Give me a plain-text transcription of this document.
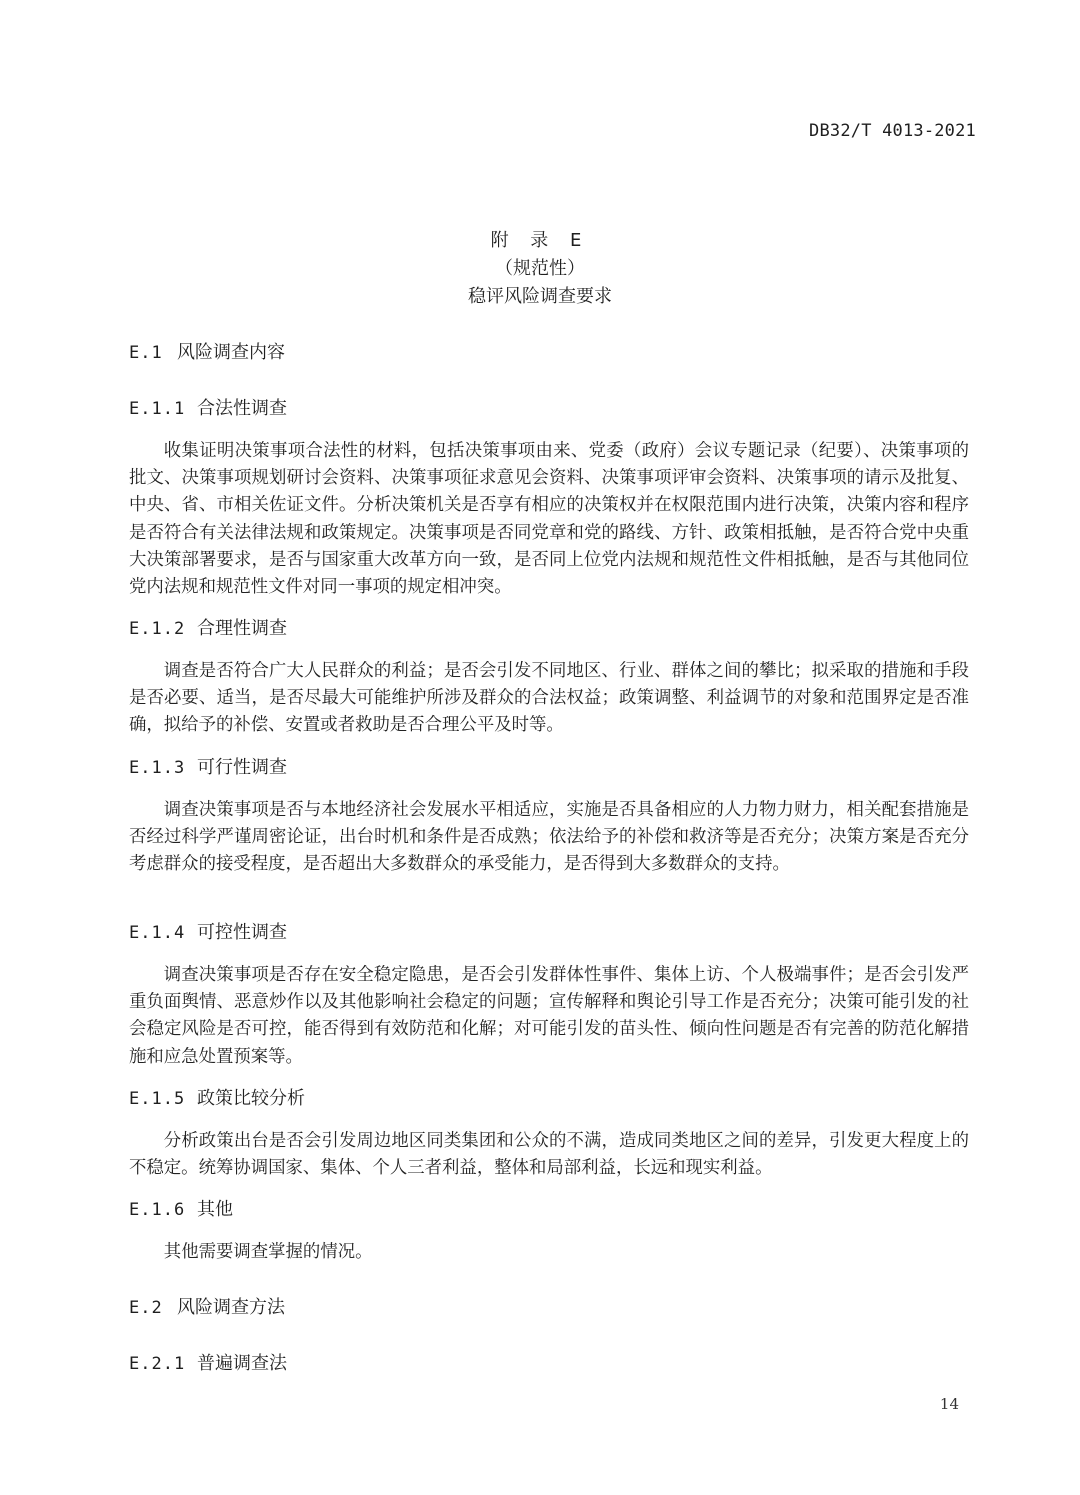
DB32/T 4013-2021
附 录 E
（规范性）
稳评风险调查要求
E.1 风险调查内容
E.1.1 合法性调查

收集证明决策事项合法性的材料，包括决策事项由来、党委（政府）会议专题记录（纪要）、决策事项的批文、决策事项规划研讨会资料、决策事项征求意见会资料、决策事项评审会资料、决策事项的请示及批复、中央、省、市相关佐证文件。分析决策机关是否享有相应的决策权并在权限范围内进行决策，决策内容和程序是否符合有关法律法规和政策规定。决策事项是否同党章和党的路线、方针、政策相抵触，是否符合党中央重大决策部署要求，是否与国家重大改革方向一致，是否同上位党内法规和规范性文件相抵触，是否与其他同位党内法规和规范性文件对同一事项的规定相冲突。

E.1.2 合理性调查

调查是否符合广大人民群众的利益；是否会引发不同地区、行业、群体之间的攀比；拟采取的措施和手段是否必要、适当，是否尽最大可能维护所涉及群众的合法权益；政策调整、利益调节的对象和范围界定是否准确，拟给予的补偿、安置或者救助是否合理公平及时等。

E.1.3 可行性调查

调查决策事项是否与本地经济社会发展水平相适应，实施是否具备相应的人力物力财力，相关配套措施是否经过科学严谨周密论证，出台时机和条件是否成熟；依法给予的补偿和救济等是否充分；决策方案是否充分考虑群众的接受程度，是否超出大多数群众的承受能力，是否得到大多数群众的支持。

E.1.4 可控性调查

调查决策事项是否存在安全稳定隐患，是否会引发群体性事件、集体上访、个人极端事件；是否会引发严重负面舆情、恶意炒作以及其他影响社会稳定的问题；宣传解释和舆论引导工作是否充分；决策可能引发的社会稳定风险是否可控，能否得到有效防范和化解；对可能引发的苗头性、倾向性问题是否有完善的防范化解措施和应急处置预案等。

E.1.5 政策比较分析

分析政策出台是否会引发周边地区同类集团和公众的不满，造成同类地区之间的差异，引发更大程度上的不稳定。统筹协调国家、集体、个人三者利益，整体和局部利益，长远和现实利益。

E.1.6 其他

其他需要调查掌握的情况。

E.2 风险调查方法
E.2.1 普遍调查法
14
